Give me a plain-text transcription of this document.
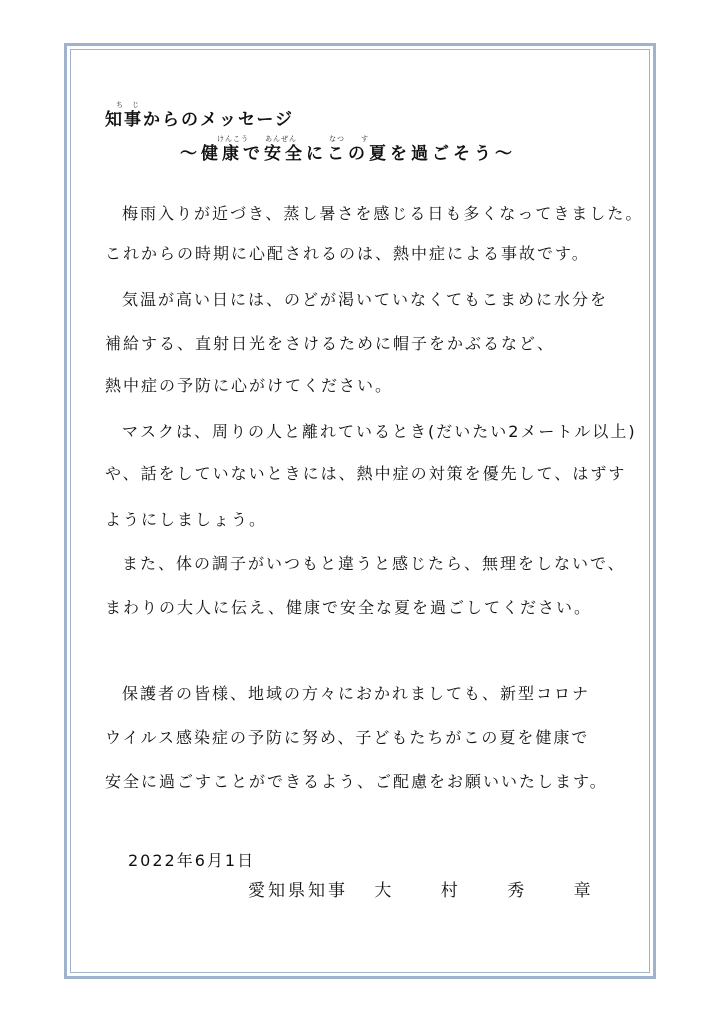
ち　じ
知事からのメッセージ
けんこう　　あんぜん　　　　なつ　　す
～健康で安全にこの夏を過ごそう～
梅雨入りが近づき、蒸し暑さを感じる日も多くなってきました。
これからの時期に心配されるのは、熱中症による事故です。
気温が高い日には、のどが渇いていなくてもこまめに水分を
補給する、直射日光をさけるために帽子をかぶるなど、
熱中症の予防に心がけてください。
マスクは、周りの人と離れているとき(だいたい2メートル以上)
や、話をしていないときには、熱中症の対策を優先して、はずす
ようにしましょう。
また、体の調子がいつもと違うと感じたら、無理をしないで、
まわりの大人に伝え、健康で安全な夏を過ごしてください。
保護者の皆様、地域の方々におかれましても、新型コロナ
ウイルス感染症の予防に努め、子どもたちがこの夏を健康で
安全に過ごすことができるよう、ご配慮をお願いいたします。
2022年6月1日
愛知県知事 大 村 秀 章
